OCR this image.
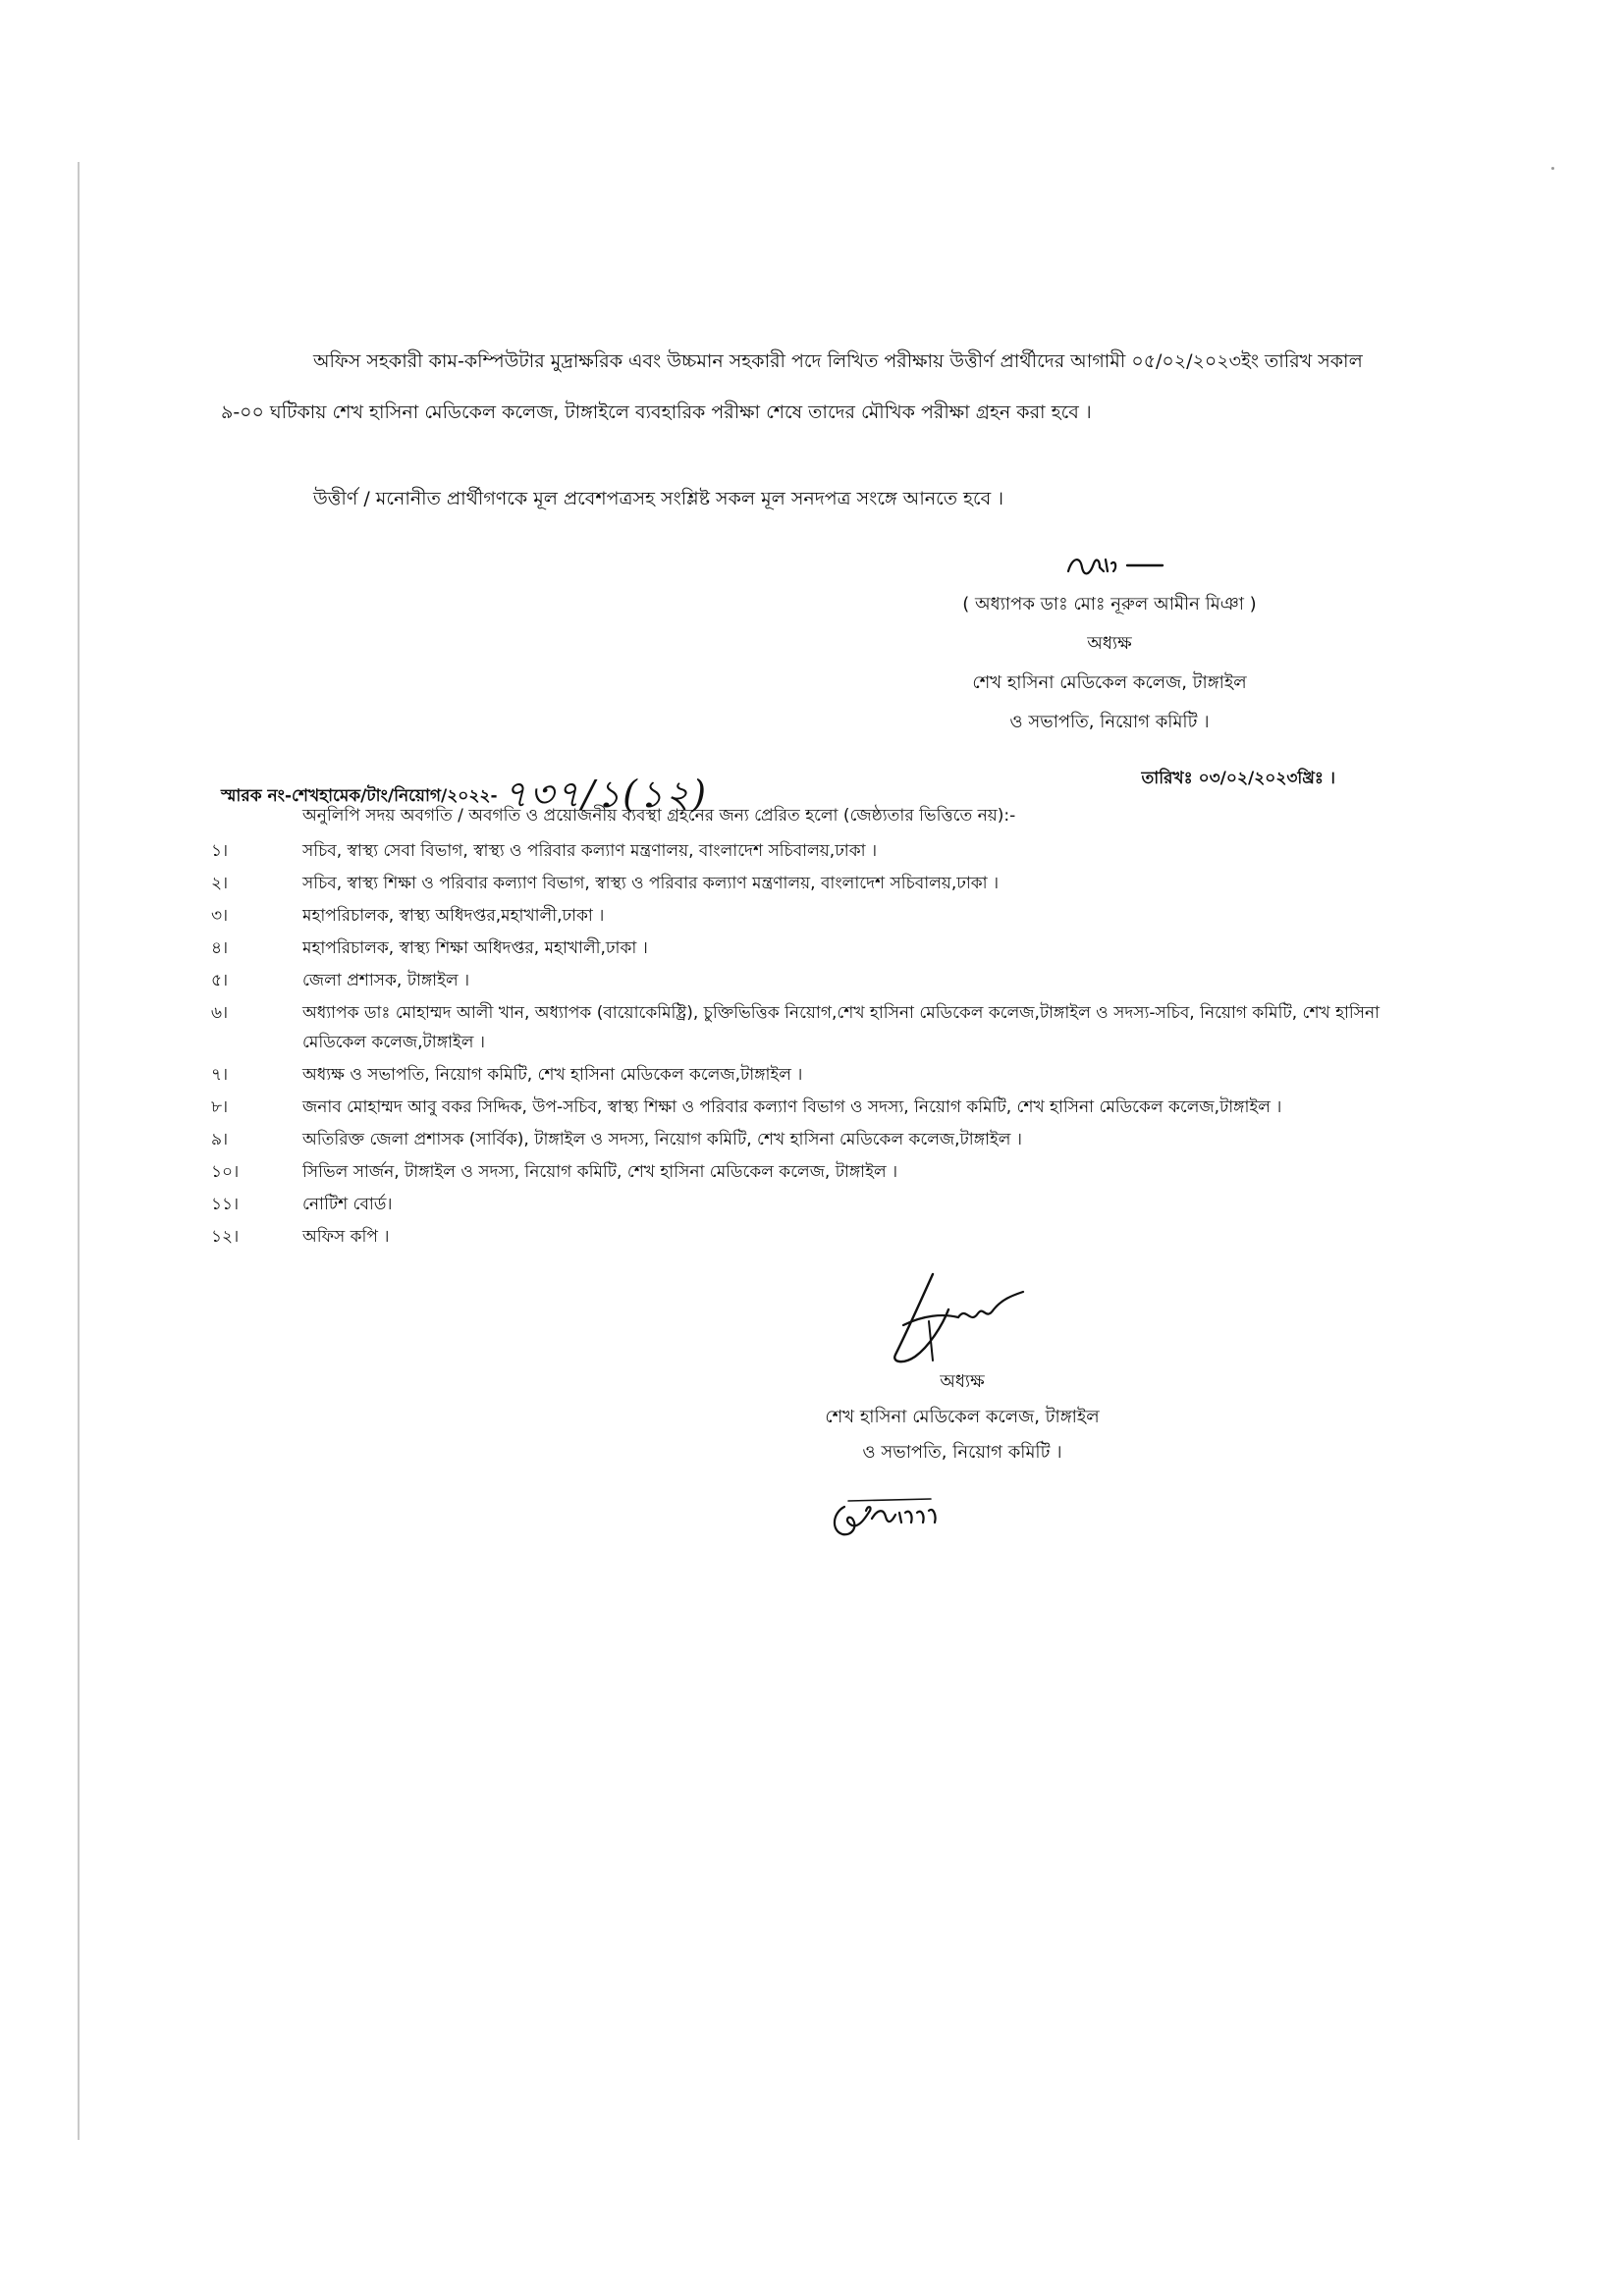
অফিস সহকারী কাম-কম্পিউটার মুদ্রাক্ষরিক এবং উচ্চমান সহকারী পদে লিখিত পরীক্ষায় উত্তীর্ণ প্রার্থীদের আগামী ০৫/০২/২০২৩ইং তারিখ সকাল ৯-০০ ঘটিকায় শেখ হাসিনা মেডিকেল কলেজ, টাঙ্গাইলে ব্যবহারিক পরীক্ষা শেষে তাদের মৌখিক পরীক্ষা গ্রহন করা হবে ।

উত্তীর্ণ / মনোনীত প্রার্থীগণকে মূল প্রবেশপত্রসহ সংশ্লিষ্ট সকল মূল সনদপত্র সংঙ্গে আনতে হবে ।

( অধ্যাপক ডাঃ মোঃ নূরুল আমীন মিঞা )
অধ্যক্ষ
শেখ হাসিনা মেডিকেল কলেজ, টাঙ্গাইল
ও সভাপতি, নিয়োগ কমিটি ।
স্মারক নং-শেখহামেক/টাং/নিয়োগ/২০২২- ৭৩৭/১(১২)	তারিখঃ ০৩/০২/২০২৩খ্রিঃ ।
অনুলিপি সদয় অবগতি / অবগতি ও প্রয়োজনীয় ব্যবস্থা গ্রহনের জন্য প্রেরিত হলো (জেষ্ঠ্যতার ভিত্তিতে নয়):-
১।	সচিব, স্বাস্থ্য সেবা বিভাগ, স্বাস্থ্য ও পরিবার কল্যাণ মন্ত্রণালয়, বাংলাদেশ সচিবালয়,ঢাকা ।
২।	সচিব, স্বাস্থ্য শিক্ষা ও পরিবার কল্যাণ বিভাগ, স্বাস্থ্য ও পরিবার কল্যাণ মন্ত্রণালয়, বাংলাদেশ সচিবালয়,ঢাকা ।
৩।	মহাপরিচালক, স্বাস্থ্য অধিদপ্তর,মহাখালী,ঢাকা ।
৪।	মহাপরিচালক, স্বাস্থ্য শিক্ষা অধিদপ্তর, মহাখালী,ঢাকা ।
৫।	জেলা প্রশাসক, টাঙ্গাইল ।
৬।	অধ্যাপক ডাঃ মোহাম্মদ আলী খান, অধ্যাপক (বায়োকেমিষ্ট্রি), চুক্তিভিত্তিক নিয়োগ,শেখ হাসিনা মেডিকেল কলেজ,টাঙ্গাইল ও সদস্য-সচিব, নিয়োগ কমিটি, শেখ হাসিনা মেডিকেল কলেজ,টাঙ্গাইল ।
৭।	অধ্যক্ষ ও সভাপতি, নিয়োগ কমিটি, শেখ হাসিনা মেডিকেল কলেজ,টাঙ্গাইল ।
৮।	জনাব মোহাম্মদ আবু বকর সিদ্দিক, উপ-সচিব, স্বাস্থ্য শিক্ষা ও পরিবার কল্যাণ বিভাগ ও সদস্য, নিয়োগ কমিটি, শেখ হাসিনা মেডিকেল কলেজ,টাঙ্গাইল ।
৯।	অতিরিক্ত জেলা প্রশাসক (সার্বিক), টাঙ্গাইল ও সদস্য, নিয়োগ কমিটি, শেখ হাসিনা মেডিকেল কলেজ,টাঙ্গাইল ।
১০।	সিভিল সার্জন, টাঙ্গাইল ও সদস্য, নিয়োগ কমিটি, শেখ হাসিনা মেডিকেল কলেজ, টাঙ্গাইল ।
১১।	নোটিশ বোর্ড।
১২।	অফিস কপি ।
অধ্যক্ষ
শেখ হাসিনা মেডিকেল কলেজ, টাঙ্গাইল
ও সভাপতি, নিয়োগ কমিটি ।
